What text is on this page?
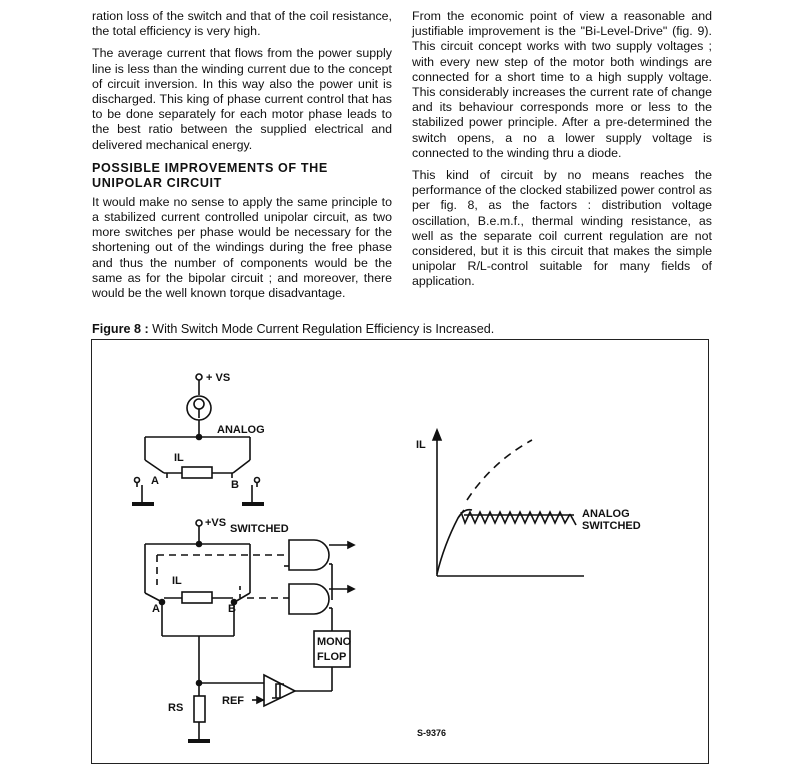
ration loss of the switch and that of the coil resistance, the total efficiency is very high.

The average current that flows from the power supply line is less than the winding current due to the concept of circuit inversion. In this way also the power unit is discharged. This king of phase current control that has to be done separately for each motor phase leads to the best ratio between the supplied electrical and delivered mechanical energy.

POSSIBLE IMPROVEMENTS OF THE UNIPOLAR CIRCUIT

It would make no sense to apply the same principle to a stabilized current controlled unipolar circuit, as two more switches per phase would be necessary for the shortening out of the windings during the free phase and thus the number of components would be the same as for the bipolar circuit ; and moreover, there would be the well known torque disadvantage.

From the economic point of view a reasonable and justifiable improvement is the "Bi-Level-Drive" (fig. 9). This circuit concept works with two supply voltages ; with every new step of the motor both windings are connected for a short time to a high supply voltage. This considerably increases the current rate of change and its behaviour corresponds more or less to the stabilized power principle. After a pre-determined the switch opens, a no a lower supply voltage is connected to the winding thru a diode.

This kind of circuit by no means reaches the performance of the clocked stabilized power control as per fig. 8, as the factors : distribution voltage oscillation, B.e.m.f., thermal winding resistance, as well as the separate coil current regulation are not considered, but it is this circuit that makes the simple unipolar R/L-control suitable for many fields of application.

Figure 8 : With Switch Mode Current Regulation Efficiency is Increased.
+ VS
ANALOG
IL
A	B
+VS SWITCHED
IL
A	B
MONO
FLOP
RS
REF
IL
ANALOG
SWITCHED
S-9376
